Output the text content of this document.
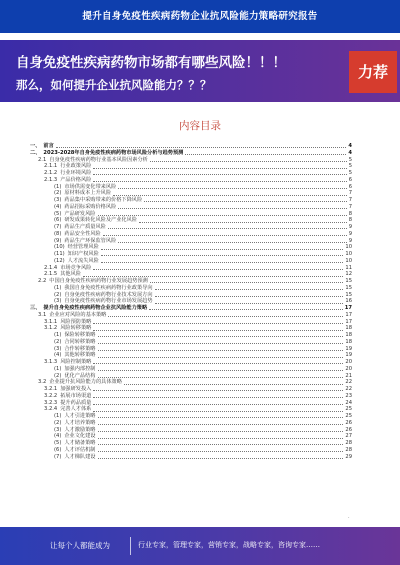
提升自身免疫性疾病药物企业抗风险能力策略研究报告
自身免疫性疾病药物市场都有哪些风险！！！
那么，如何提升企业抗风险能力？？？
力荐
内容目录
一、 前言	4
二、 2023-2028年自身免疫性疾病药物市场风险分析与趋势预测	4
2.1 自身免疫性疾病药物行业基本风险因素分析	5
2.1.1 行业政策风险	5
2.1.2 行业环境风险	5
2.1.3 产品价格风险	6
(1) 市场供需变化带来风险	6
(2) 原材料成本上升风险	7
(3) 药品集中采购带来的价格下降风险	7
(4) 药品招标采购价格风险	7
(5) 产品研发风险	8
(6) 研发成果转化风险及产业化风险	8
(7) 药品生产质量风险	9
(8) 药品安全性风险	9
(9) 药品生产环保监管风险	9
(10) 经营管理风险	10
(11) 知识产权风险	10
(12) 人才流失风险	10
2.1.4 市场竞争风险	11
2.1.5 其他风险	12
2.2 中国自身免疫性疾病药物行业发展趋势预测	15
(1) 我国自身免疫性疾病药物行业政策导向	15
(2) 自身免疫性疾病药物行业技术发展方向	15
(3) 自身免疫性疾病药物行业市场发展趋势	16
三、 提升自身免疫性疾病药物企业抗风险能力策略	17
3.1 企业应对风险的基本策略	17
3.1.1 风险预防策略	17
3.1.2 风险转移策略	18
(1) 保险转移策略	18
(2) 合同转移策略	18
(3) 合作转移策略	19
(4) 其他转移策略	19
3.1.3 风险控制策略	20
(1) 加强内部控制	20
(2) 优化产品结构	21
3.2 企业提升抗风险能力的具体策略	22
3.2.1 加强研发投入	22
3.2.2 拓展市场渠道	23
3.2.3 提升药品质量	24
3.2.4 完善人才体系	25
(1) 人才引进策略	25
(2) 人才培养策略	26
(3) 人才激励策略	26
(4) 企业文化建设	27
(5) 人才储备策略	28
(6) 人才评估机制	28
(7) 人才梯队建设	29
·
让每个人都能成为	行业专家，管理专家，营销专家，战略专家，咨询专家……
